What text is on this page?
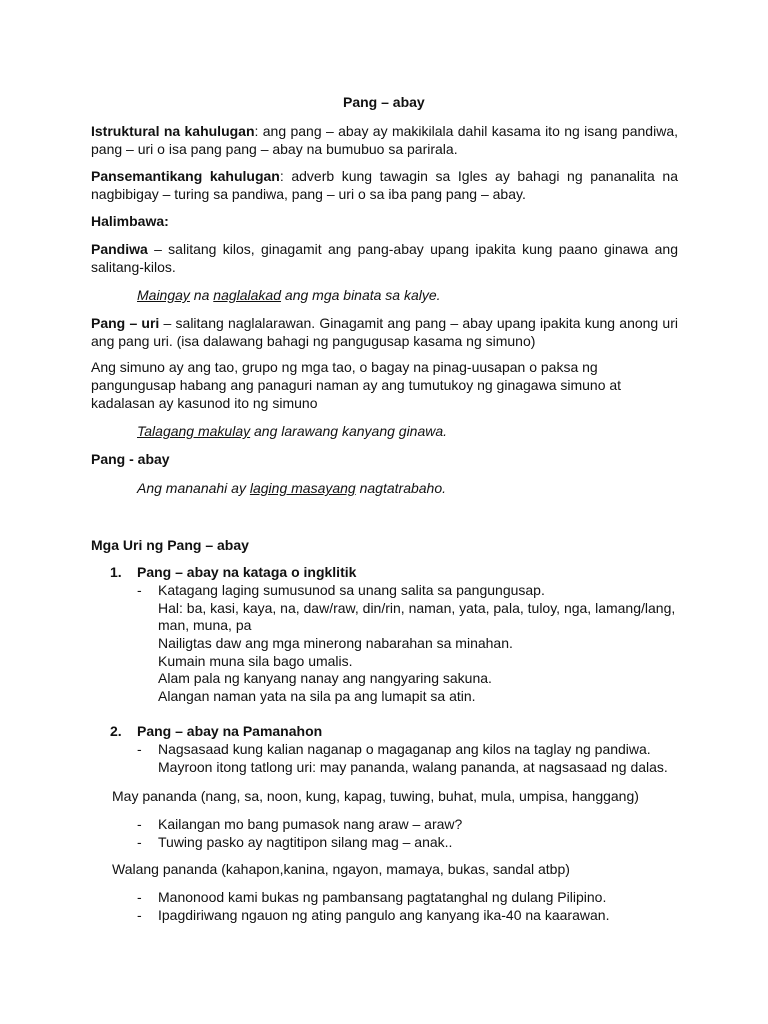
Pang – abay
Istruktural na kahulugan: ang pang – abay ay makikilala dahil kasama ito ng isang pandiwa, pang – uri o isa pang pang – abay na bumubuo sa parirala.
Pansemantikang kahulugan: adverb kung tawagin sa Igles ay bahagi ng pananalita na nagbibigay – turing sa pandiwa, pang – uri o sa iba pang pang – abay.
Halimbawa:
Pandiwa – salitang kilos, ginagamit ang pang-abay upang ipakita kung paano ginawa ang salitang-kilos.
Maingay na naglalakad ang mga binata sa kalye.
Pang – uri – salitang naglalarawan. Ginagamit ang pang – abay upang ipakita kung anong uri ang pang uri. (isa dalawang bahagi ng pangugusap kasama ng simuno)
Ang simuno ay ang tao, grupo ng mga tao, o bagay na pinag-uusapan o paksa ng pangungusap habang ang panaguri naman ay ang tumutukoy ng ginagawa simuno at kadalasan ay kasunod ito ng simuno
Talagang makulay ang larawang kanyang ginawa.
Pang - abay
Ang mananahi ay laging masayang nagtatrabaho.
Mga Uri ng Pang – abay
1. Pang – abay na kataga o ingklitik
- Katagang laging sumusunod sa unang salita sa pangungusap.
Hal: ba, kasi, kaya, na, daw/raw, din/rin, naman, yata, pala, tuloy, nga, lamang/lang,
man, muna, pa
Nailigtas daw ang mga minerong nabarahan sa minahan.
Kumain muna sila bago umalis.
Alam pala ng kanyang nanay ang nangyaring sakuna.
Alangan naman yata na sila pa ang lumapit sa atin.
2. Pang – abay na Pamanahon
- Nagsasaad kung kalian naganap o magaganap ang kilos na taglay ng pandiwa.
Mayroon itong tatlong uri: may pananda, walang pananda, at nagsasaad ng dalas.
May pananda (nang, sa, noon, kung, kapag, tuwing, buhat, mula, umpisa, hanggang)
- Kailangan mo bang pumasok nang araw – araw?
- Tuwing pasko ay nagtitipon silang mag – anak..
Walang pananda (kahapon,kanina, ngayon, mamaya, bukas, sandal atbp)
- Manonood kami bukas ng pambansang pagtatanghal ng dulang Pilipino.
- Ipagdiriwang ngauon ng ating pangulo ang kanyang ika-40 na kaarawan.
